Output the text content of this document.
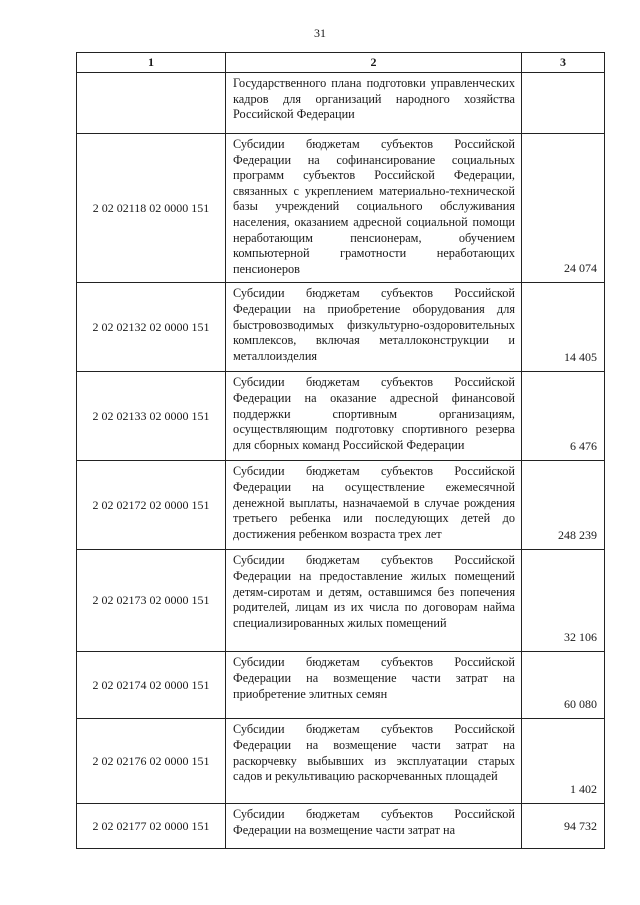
31
1	2	3
	Государственного плана подготовки управленческих кадров для организаций народного хозяйства Российской Федерации	
2 02 02118 02 0000 151	Субсидии бюджетам субъектов Российской Федерации на софинансирование социальных программ субъектов Российской Федерации, связанных с укреплением материально-технической базы учреждений социального обслуживания населения, оказанием адресной социальной помощи неработающим пенсионерам, обучением компьютерной грамотности неработающих пенсионеров	24 074
2 02 02132 02 0000 151	Субсидии бюджетам субъектов Российской Федерации на приобретение оборудования для быстровозводимых физкультурно-оздоровительных комплексов, включая металлоконструкции и металлоизделия	14 405
2 02 02133 02 0000 151	Субсидии бюджетам субъектов Российской Федерации на оказание адресной финансовой поддержки спортивным организациям, осуществляющим подготовку спортивного резерва для сборных команд Российской Федерации	6 476
2 02 02172 02 0000 151	Субсидии бюджетам субъектов Российской Федерации на осуществление ежемесячной денежной выплаты, назначаемой в случае рождения третьего ребенка или последующих детей до достижения ребенком возраста трех лет	248 239
2 02 02173 02 0000 151	Субсидии бюджетам субъектов Российской Федерации на предоставление жилых помещений детям-сиротам и детям, оставшимся без попечения родителей, лицам из их числа по договорам найма специализированных жилых помещений	32 106
2 02 02174 02 0000 151	Субсидии бюджетам субъектов Российской Федерации на возмещение части затрат на приобретение элитных семян	60 080
2 02 02176 02 0000 151	Субсидии бюджетам субъектов Российской Федерации на возмещение части затрат на раскорчевку выбывших из эксплуатации старых садов и рекультивацию раскорчеванных площадей	1 402
2 02 02177 02 0000 151	Субсидии бюджетам субъектов Российской Федерации на возмещение части затрат на	94 732
